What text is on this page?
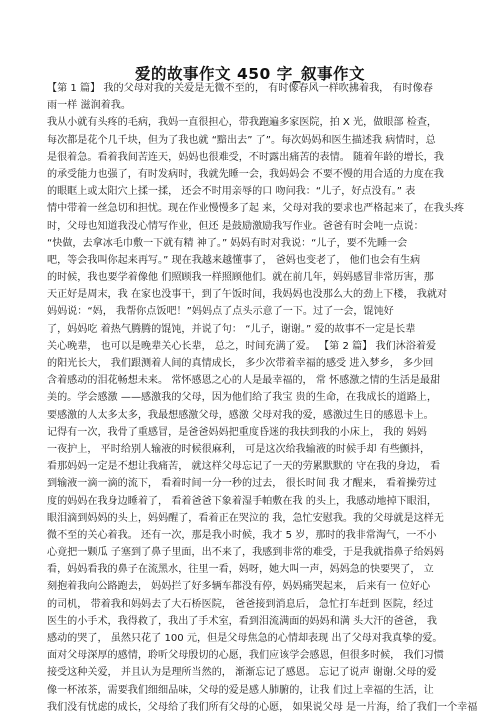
爱的故事作文 450 字_叙事作文
【第 1 篇】 我的父母对我的关爱是无微不至的， 有时像春风一样吹拂着我， 有时像春
雨一样 滋润着我。
我从小就有头疼的毛病，我妈一直很担心，带我跑遍多家医院，拍 X 光，做眼部 检查，
每次都是花个几千块，但为了我也就 “黯出去” 了”。每次妈妈和医生描述我 病情时，总
是很着急。看着我间苦连天，妈妈也很难受，不时露出痛苦的表情。 随着年龄的增长，我
的承受能力也强了，有时发病时，我就先睡一会，我妈妈会 不要不慢的用合适的力度在我
的眼眶上或太阳穴上揉一揉， 还会不时用亲辱的口 吻问我：“儿子，好点没有。” 表
情中带着一丝急切和担忧。现在作业慢慢多了起 来，父母对我的要求也严格起来了，在我头疼
时，父母也知道我没心情写作业，但还 是鼓励激励我写作业。爸爸有时会吨一点说：
“快做，去拿冰毛巾敷一下就有精 神了。” 妈妈有时对我说：“儿子，要不先睡一会
吧，等会我叫你起来再写。” 现在我越来越懂事了， 爸妈也变老了， 他们也会有生病
的时候，我也要学着像他 们照顾我一样照顾他们。就在前几年，妈妈感冒非常历害，那
天正好是周末，我 在家也没事干，到了午饭时间，我妈妈也没那么大的劲上下楼， 我就对
妈妈说：“妈， 我帮你点饭吧！”妈妈点了点头示意了一下。过了一会，馄饨好
了，妈妈吃 着热气腾腾的馄饨，并说了句： “儿子，谢谢。” 爱的故事不一定是长辈
关心晚辈， 也可以是晚辈关心长辈， 总之，时间充满了爱。 【第 2 篇】 我们沐浴着爱
的阳光长大， 我们跟测着人间的真情成长， 多少次带着幸福的感受 进入梦乡， 多少回
含着感动的泪花畅想未来。 常怀感恩之心的人是最幸福的， 常 怀感激之情的生活是最甜
美的。学会感激 ——感激我的父母，因为他们给了我宝 贵的生命，在我成长的道路上，
要感激的人太多太多，我最想感激父母，感激 父母对我的爱，感激过生日的感恩卡上。
记得有一次，我骨了重感冒，是爸爸妈妈把重度昏迷的我扶到我的小床上， 我的 妈妈
一夜护上， 平时给别人输液的时候很麻利， 可是这次给我输液的时候手却 有些颤抖，
看那妈妈一定是不想让我痛苦， 就这样父母忘记了一天的劳累默默的 守在我的身边， 看
到输液一滴一滴的流下， 看着时间一分一秒的过去， 很长时间 我 才醒来， 看着操劳过
度的妈妈在我身边睡着了， 看着爸爸下象着湿手帕敷在我 的头上，我感动地掉下眼泪，
眼泪滴到妈妈的头上，妈妈醒了，看着正在哭泣的 我，急忙安慰我。我的父母就是这样无
微不至的关心着我。 还有一次，那是我小时候，我才 5 岁，那时的我非常淘气，一不小
心竟把一颗瓜 子塞到了鼻子里面，出不来了，我感到非常的难受，于是我就指鼻子给妈妈
看，妈妈看我的鼻子在流黑水，往里一看，妈呀，她大叫一声，妈妈急的快要哭了， 立
刻抱着我向公路跑去， 妈妈拦了好多辆车都没有停，妈妈痛哭起来， 后来有一 位好心
的司机， 带着我和妈妈去了大石桥医院， 爸爸接到消息后， 急忙打车赶到 医院，经过
医生的小手术，我得救了，我出了手术室，看到泪流满面的妈妈和满 头大汗的爸爸， 我
感动的哭了， 虽然只花了 100 元，但是父母焦急的心情却表现 出了父母对我真挚的爱。
面对父母深厚的感情，聆听父母殷切的心愿，我们应该学会感恩，但很多时候， 我们习惯
接受这种关爱， 并且认为是理所当然的， 渐渐忘记了感恩。 忘记了说声 谢谢.父母的爱
像一杯浓茶，需要我们细细品味，父母的爱是感人肺腑的，让我 们过上幸福的生活，让
我们没有忧虑的成长，父母给了我们所有父母的心愿， 如果说父母 是一片海，给了我们一个幸福
